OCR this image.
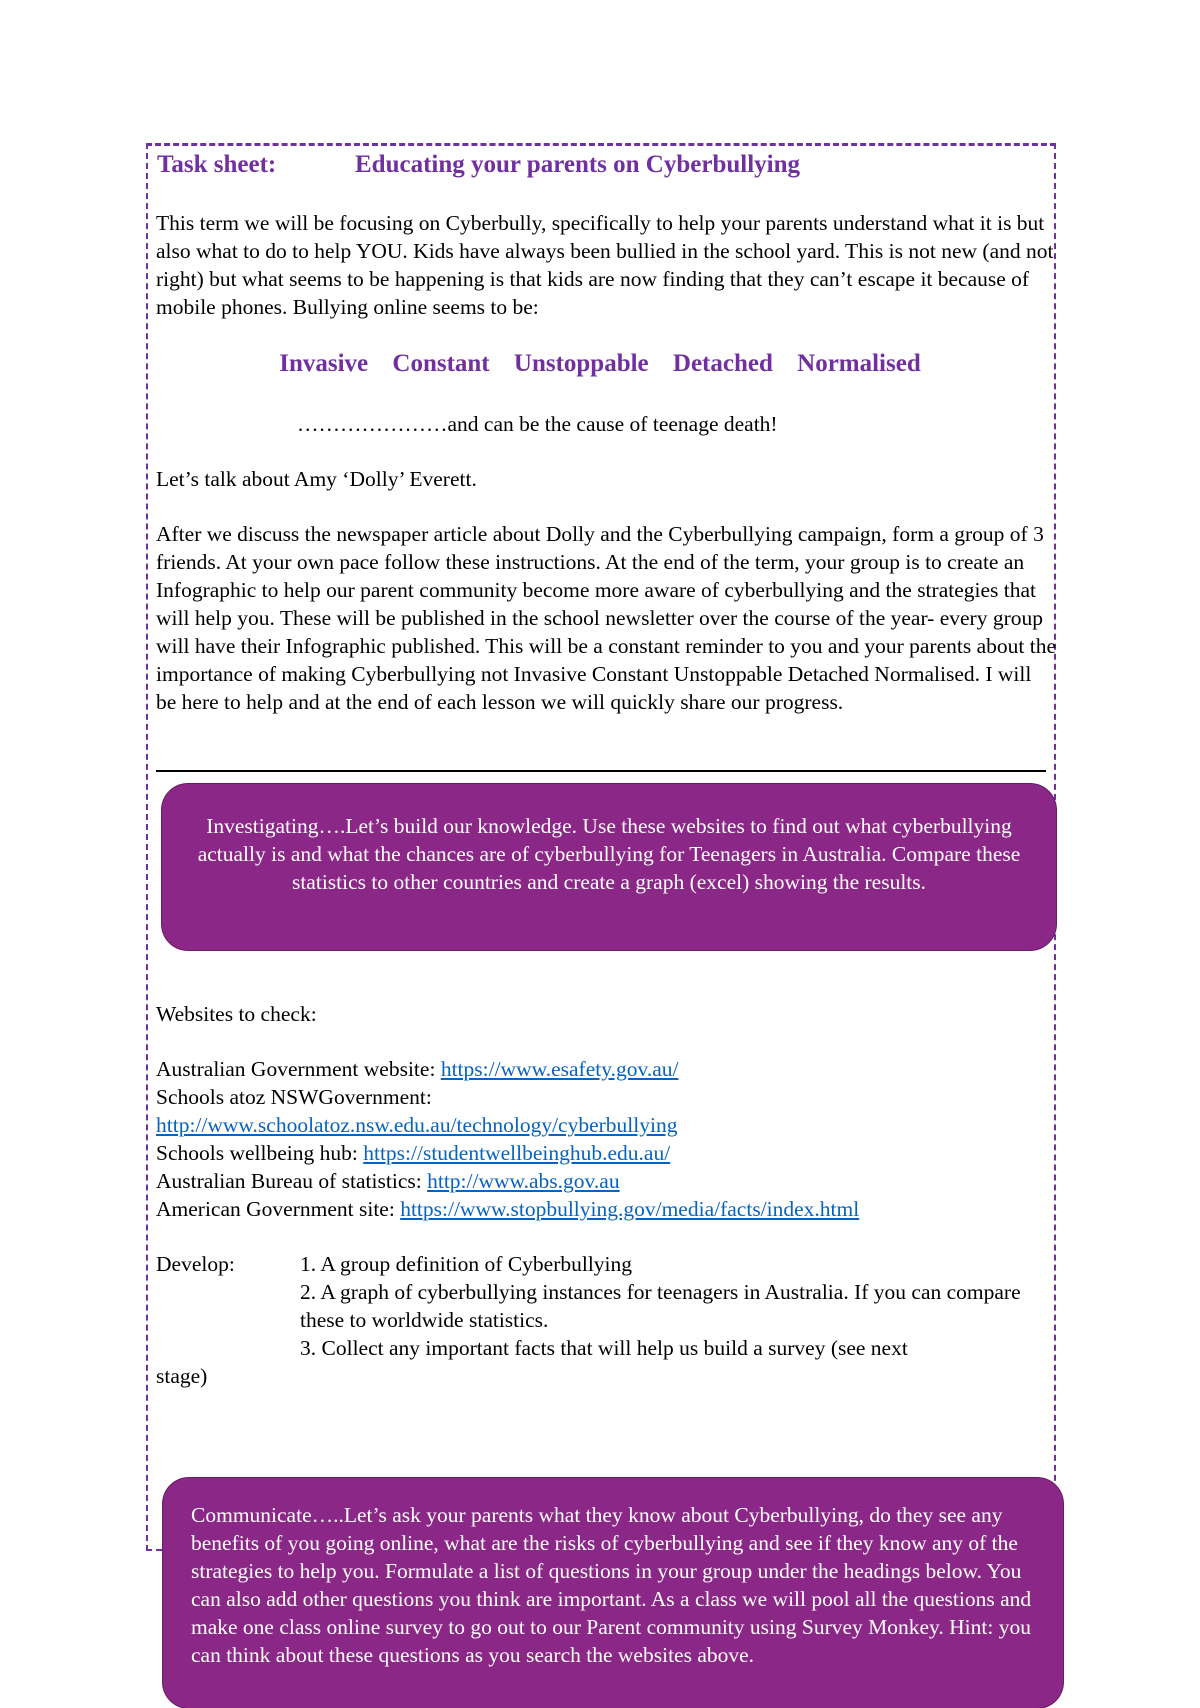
Task sheet:	Educating your parents on Cyberbullying
This term we will be focusing on Cyberbully, specifically to help your parents understand what it is but also what to do to help YOU. Kids have always been bullied in the school yard. This is not new (and not right) but what seems to be happening is that kids are now finding that they can’t escape it because of mobile phones. Bullying online seems to be:
Invasive Constant Unstoppable Detached Normalised
…………………and can be the cause of teenage death!
Let’s talk about Amy ‘Dolly’ Everett.
After we discuss the newspaper article about Dolly and the Cyberbullying campaign, form a group of 3 friends. At your own pace follow these instructions. At the end of the term, your group is to create an Infographic to help our parent community become more aware of cyberbullying and the strategies that will help you. These will be published in the school newsletter over the course of the year- every group will have their Infographic published. This will be a constant reminder to you and your parents about the importance of making Cyberbullying not Invasive Constant Unstoppable Detached Normalised. I will be here to help and at the end of each lesson we will quickly share our progress.
Investigating….Let’s build our knowledge. Use these websites to find out what cyberbullying actually is and what the chances are of cyberbullying for Teenagers in Australia. Compare these statistics to other countries and create a graph (excel) showing the results.
Websites to check:
Australian Government website: https://www.esafety.gov.au/
Schools atoz NSWGovernment:
http://www.schoolatoz.nsw.edu.au/technology/cyberbullying
Schools wellbeing hub: https://studentwellbeinghub.edu.au/
Australian Bureau of statistics: http://www.abs.gov.au
American Government site: https://www.stopbullying.gov/media/facts/index.html
Develop:	1. A group definition of Cyberbullying
2. A graph of cyberbullying instances for teenagers in Australia. If you can compare these to worldwide statistics.
3. Collect any important facts that will help us build a survey (see next
stage)
Communicate…..Let’s ask your parents what they know about Cyberbullying, do they see any benefits of you going online, what are the risks of cyberbullying and see if they know any of the strategies to help you. Formulate a list of questions in your group under the headings below. You can also add other questions you think are important. As a class we will pool all the questions and make one class online survey to go out to our Parent community using Survey Monkey. Hint: you can think about these questions as you search the websites above.
